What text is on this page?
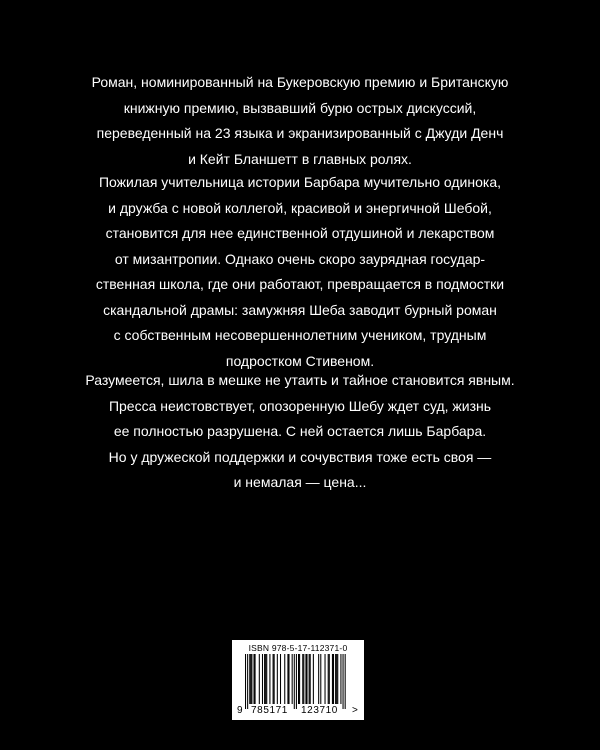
Роман, номинированный на Букеровскую премию и Британскую
книжную премию, вызвавший бурю острых дискуссий,
переведенный на 23 языка и экранизированный с Джуди Денч
и Кейт Бланшетт в главных ролях.
Пожилая учительница истории Барбара мучительно одинока,
и дружба с новой коллегой, красивой и энергичной Шебой,
становится для нее единственной отдушиной и лекарством
от мизантропии. Однако очень скоро заурядная государ-
ственная школа, где они работают, превращается в подмостки
скандальной драмы: замужняя Шеба заводит бурный роман
с собственным несовершеннолетним учеником, трудным
подростком Стивеном.
Разумеется, шила в мешке не утаить и тайное становится явным.
Пресса неистовствует, опозоренную Шебу ждет суд, жизнь
ее полностью разрушена. С ней остается лишь Барбара.
Но у дружеской поддержки и сочувствия тоже есть своя —
и немалая — цена...
ISBN 978-5-17-112371-0
9 785171 123710 >
